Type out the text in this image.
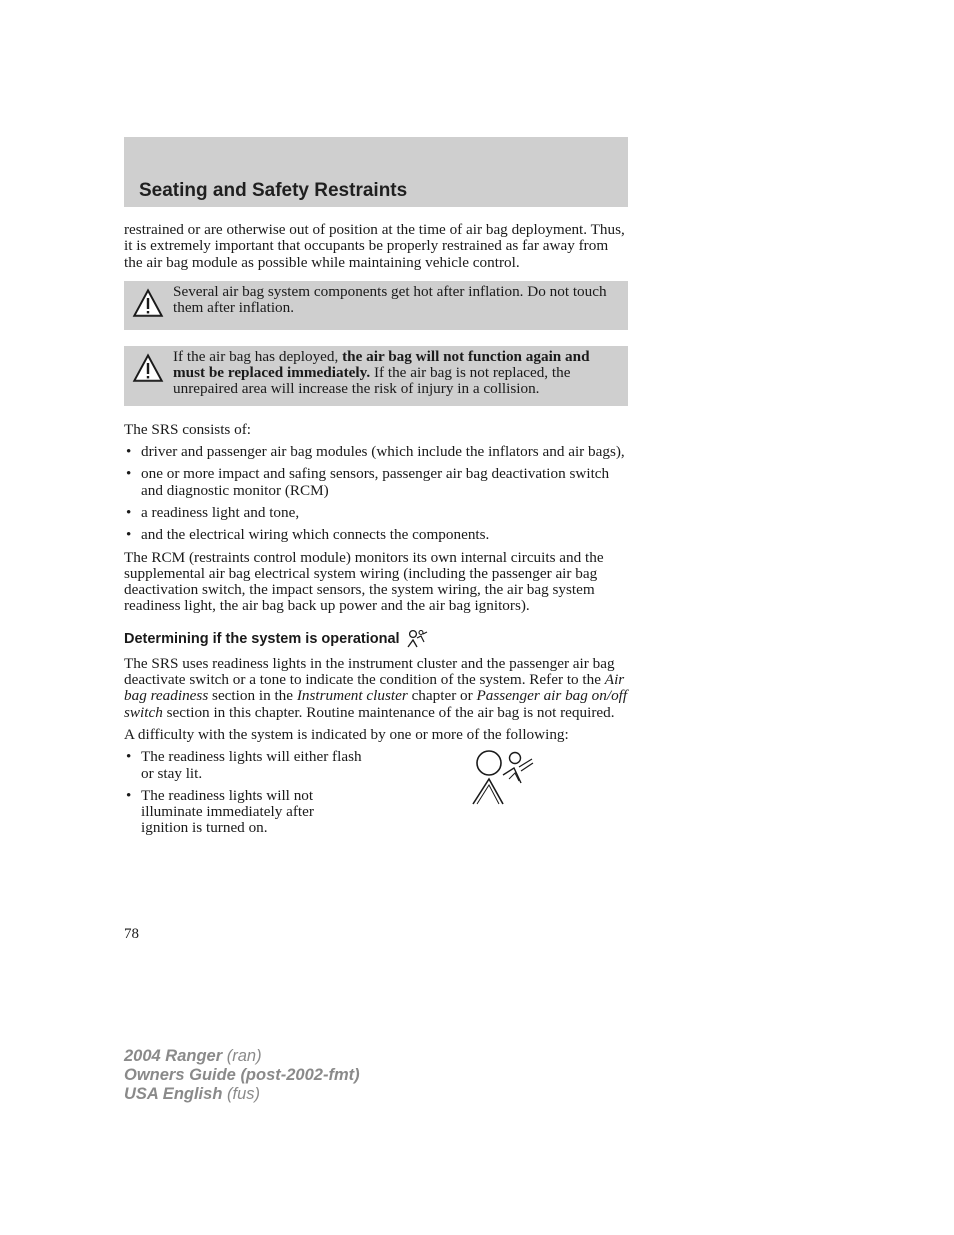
Seating and Safety Restraints

restrained or are otherwise out of position at the time of air bag deployment. Thus, it is extremely important that occupants be properly restrained as far away from the air bag module as possible while maintaining vehicle control.

Several air bag system components get hot after inflation. Do not touch them after inflation.
If the air bag has deployed, the air bag will not function again and must be replaced immediately. If the air bag is not replaced, the unrepaired area will increase the risk of injury in a collision.

The SRS consists of:

• driver and passenger air bag modules (which include the inflators and air bags),
• one or more impact and safing sensors, passenger air bag deactivation switch and diagnostic monitor (RCM)
• a readiness light and tone,
• and the electrical wiring which connects the components.

The RCM (restraints control module) monitors its own internal circuits and the supplemental air bag electrical system wiring (including the passenger air bag deactivation switch, the impact sensors, the system wiring, the air bag system readiness light, the air bag back up power and the air bag ignitors).

Determining if the system is operational

The SRS uses readiness lights in the instrument cluster and the passenger air bag deactivate switch or a tone to indicate the condition of the system. Refer to the Air bag readiness section in the Instrument cluster chapter or Passenger air bag on/off switch section in this chapter. Routine maintenance of the air bag is not required.

A difficulty with the system is indicated by one or more of the following:

• The readiness lights will either flash or stay lit.
• The readiness lights will not illuminate immediately after ignition is turned on.
78
2004 Ranger (ran)
Owners Guide (post-2002-fmt)
USA English (fus)
